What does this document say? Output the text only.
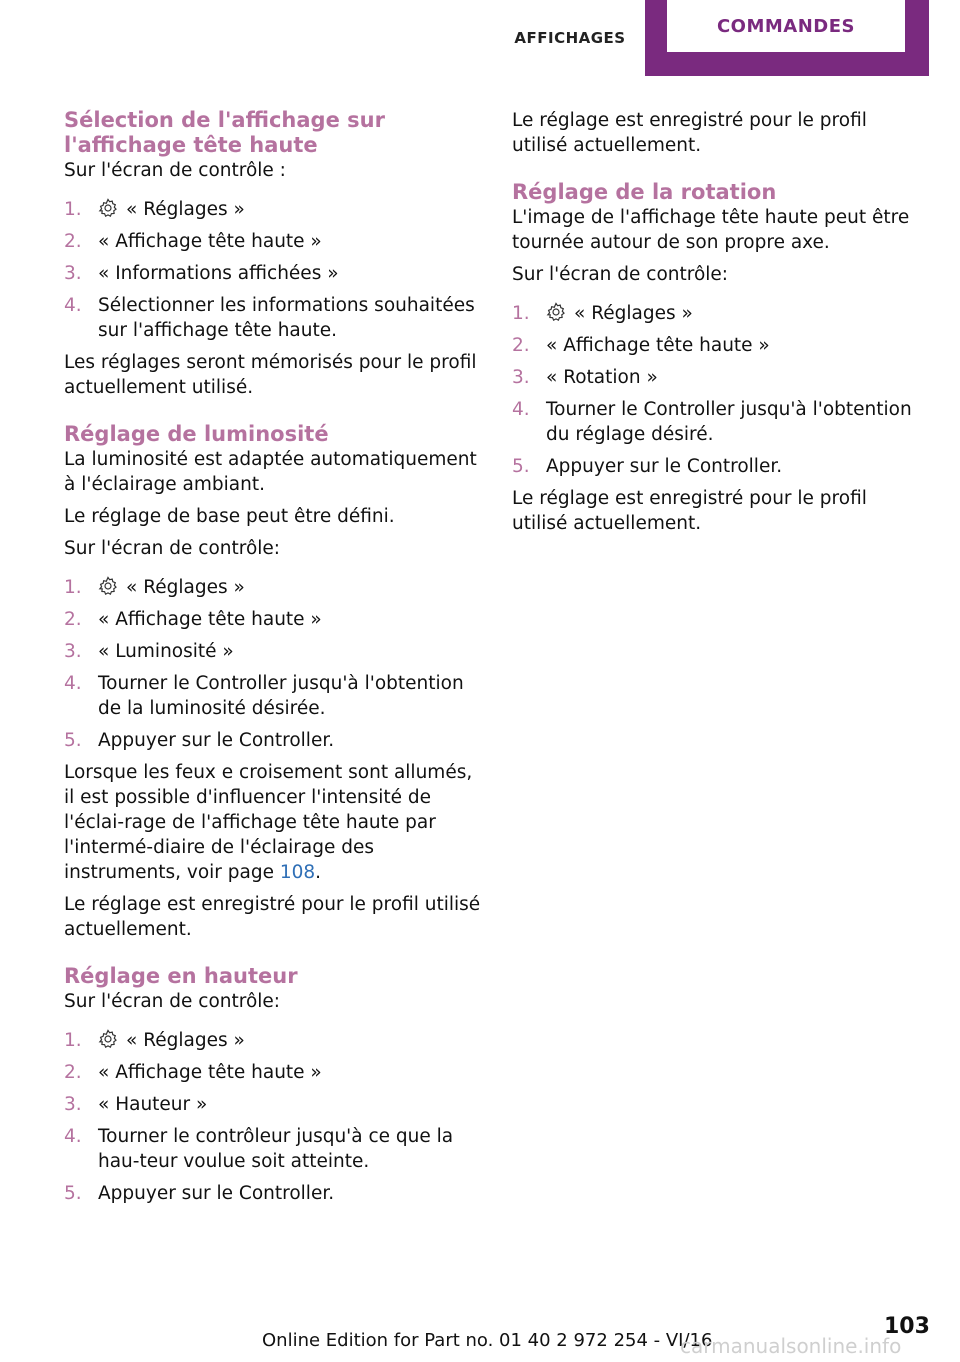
AFFICHAGES
COMMANDES
Sélection de l'affichage sur l'affichage tête haute

Sur l'écran de contrôle :

1. « Réglages »
2. « Affichage tête haute »
3. « Informations affichées »
4. Sélectionner les informations souhaitées sur l'affichage tête haute.

Les réglages seront mémorisés pour le profil actuellement utilisé.

Réglage de luminosité

La luminosité est adaptée automatiquement à l'éclairage ambiant.

Le réglage de base peut être défini.

Sur l'écran de contrôle:

1. « Réglages »
2. « Affichage tête haute »
3. « Luminosité »
4. Tourner le Controller jusqu'à l'obtention de la luminosité désirée.
5. Appuyer sur le Controller.

Lorsque les feux e croisement sont allumés, il est possible d'influencer l'intensité de l'éclai‐rage de l'affichage tête haute par l'intermé‐diaire de l'éclairage des instruments, voir page 108.

Le réglage est enregistré pour le profil utilisé actuellement.

Réglage en hauteur

Sur l'écran de contrôle:

1. « Réglages »
2. « Affichage tête haute »
3. « Hauteur »
4. Tourner le contrôleur jusqu'à ce que la hau‐teur voulue soit atteinte.
5. Appuyer sur le Controller.

Le réglage est enregistré pour le profil utilisé actuellement.

Réglage de la rotation

L'image de l'affichage tête haute peut être tournée autour de son propre axe.

Sur l'écran de contrôle:

1. « Réglages »
2. « Affichage tête haute »
3. « Rotation »
4. Tourner le Controller jusqu'à l'obtention du réglage désiré.
5. Appuyer sur le Controller.

Le réglage est enregistré pour le profil utilisé actuellement.

Online Edition for Part no. 01 40 2 972 254 - VI/16
103
carmanualsonline.info
